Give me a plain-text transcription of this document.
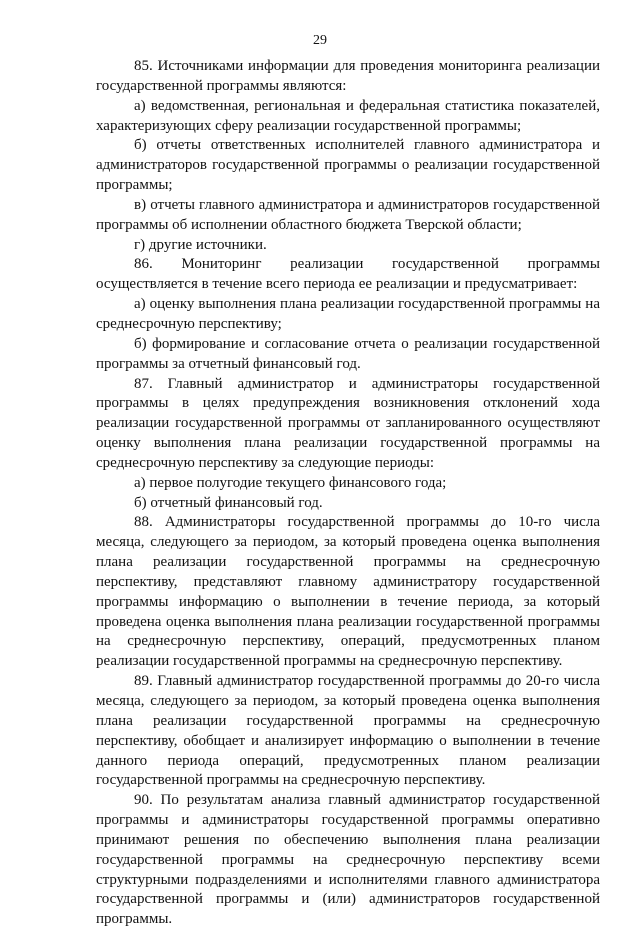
29

85. Источниками информации для проведения мониторинга реализации государственной программы являются:

а) ведомственная, региональная и федеральная статистика показателей, характеризующих сферу реализации государственной программы;

б) отчеты ответственных исполнителей главного администратора и администраторов государственной программы о реализации государственной программы;

в) отчеты главного администратора и администраторов государственной программы об исполнении областного бюджета Тверской области;

г) другие источники.

86. Мониторинг реализации государственной программы осуществляется в течение всего периода ее реализации и предусматривает:

а) оценку выполнения плана реализации государственной программы на среднесрочную перспективу;

б) формирование и согласование отчета о реализации государственной программы за отчетный финансовый год.

87. Главный администратор и администраторы государственной программы в целях предупреждения возникновения отклонений хода реализации государственной программы от запланированного осуществляют оценку выполнения плана реализации государственной программы на среднесрочную перспективу за следующие периоды:

а) первое полугодие текущего финансового года;

б) отчетный финансовый год.

88. Администраторы государственной программы до 10-го числа месяца, следующего за периодом, за который проведена оценка выполнения плана реализации государственной программы на среднесрочную перспективу, представляют главному администратору государственной программы информацию о выполнении в течение периода, за который проведена оценка выполнения плана реализации государственной программы на среднесрочную перспективу, операций, предусмотренных планом реализации государственной программы на среднесрочную перспективу.

89. Главный администратор государственной программы до 20-го числа месяца, следующего за периодом, за который проведена оценка выполнения плана реализации государственной программы на среднесрочную перспективу, обобщает и анализирует информацию о выполнении в течение данного периода операций, предусмотренных планом реализации государственной программы на среднесрочную перспективу.

90. По результатам анализа главный администратор государственной программы и администраторы государственной программы оперативно принимают решения по обеспечению выполнения плана реализации государственной программы на среднесрочную перспективу всеми структурными подразделениями и исполнителями главного администратора государственной программы и (или) администраторов государственной программы.
